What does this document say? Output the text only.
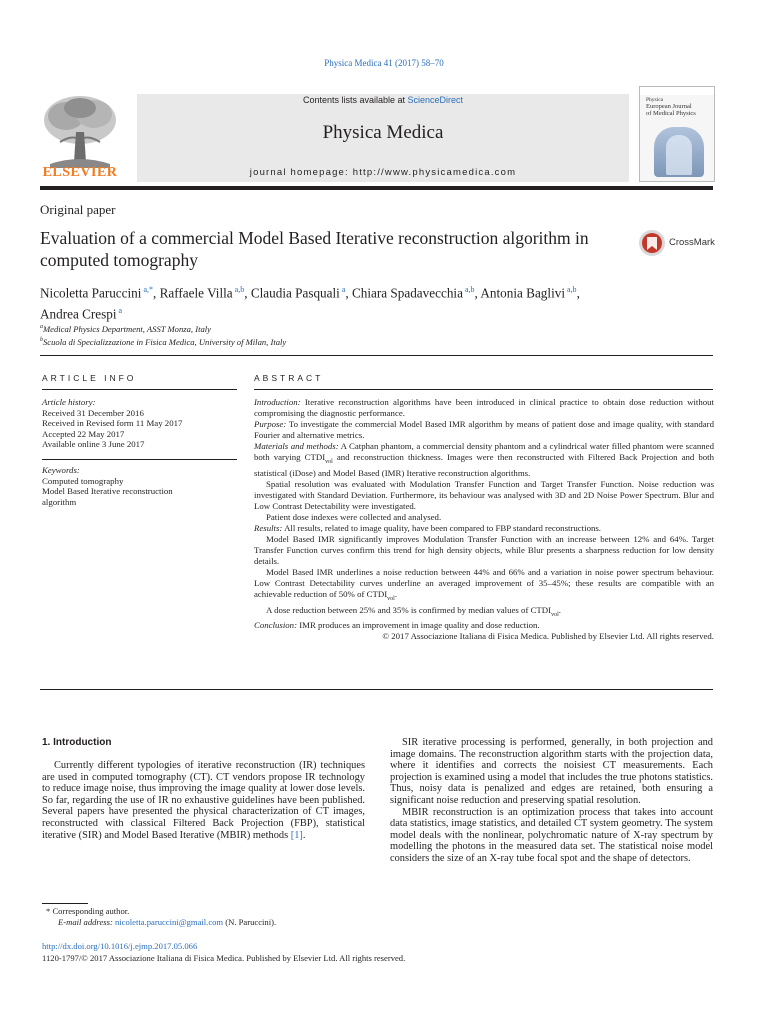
Physica Medica 41 (2017) 58–70
Contents lists available at ScienceDirect
Physica Medica
journal homepage: http://www.physicamedica.com
ELSEVIER
Physica
European Journal
of Medical Physics
Original paper
Evaluation of a commercial Model Based Iterative reconstruction algorithm in computed tomography
CrossMark
Nicoletta Paruccini $^{a,*}$, Raffaele Villa $^{a,b}$, Claudia Pasquali $^a$, Chiara Spadavecchia $^{a,b}$, Antonia Baglivi $^{a,b}$,
Andrea Crespi $^a$
$^a$Medical Physics Department, ASST Monza, Italy
$^b$Scuola di Specializzazione in Fisica Medica, University of Milan, Italy
ARTICLE INFO	ABSTRACT
Article history:
Received 31 December 2016
Received in Revised form 11 May 2017
Accepted 22 May 2017
Available online 3 June 2017
Keywords:
Computed tomography
Model Based Iterative reconstruction algorithm

Introduction: Iterative reconstruction algorithms have been introduced in clinical practice to obtain dose reduction without compromising the diagnostic performance.

Purpose: To investigate the commercial Model Based IMR algorithm by means of patient dose and image quality, with standard Fourier and alternative metrics.

Materials and methods: A Catphan phantom, a commercial density phantom and a cylindrical water filled phantom were scanned both varying $CTDI_{vol}$ and reconstruction thickness. Images were then reconstructed with Filtered Back Projection and both statistical (iDose) and Model Based (IMR) Iterative reconstruction algorithms.

Spatial resolution was evaluated with Modulation Transfer Function and Target Transfer Function. Noise reduction was investigated with Standard Deviation. Furthermore, its behaviour was analysed with 3D and 2D Noise Power Spectrum. Blur and Low Contrast Detectability were investigated.

Patient dose indexes were collected and analysed.

Results: All results, related to image quality, have been compared to FBP standard reconstructions.

Model Based IMR significantly improves Modulation Transfer Function with an increase between 12% and 64%. Target Transfer Function curves confirm this trend for high density objects, while Blur presents a sharpness reduction for low density details.

Model Based IMR underlines a noise reduction between 44% and 66% and a variation in noise power spectrum behaviour. Low Contrast Detectability curves underline an averaged improvement of 35–45%; these results are compatible with an achievable reduction of 50% of $CTDI_{vol}$.

A dose reduction between 25% and 35% is confirmed by median values of $CTDI_{vol}$.

Conclusion: IMR produces an improvement in image quality and dose reduction.

© 2017 Associazione Italiana di Fisica Medica. Published by Elsevier Ltd. All rights reserved.

1. Introduction

Currently different typologies of iterative reconstruction (IR) techniques are used in computed tomography (CT). CT vendors propose IR technology to reduce image noise, thus improving the image quality at lower dose levels. So far, regarding the use of IR no exhaustive guidelines have been published. Several papers have presented the physical characterization of CT images, reconstructed with classical Filtered Back Projection (FBP), statistical iterative (SIR) and Model Based Iterative (MBIR) methods [1].

SIR iterative processing is performed, generally, in both projection and image domains. The reconstruction algorithm starts with the projection data, where it identifies and corrects the noisiest CT measurements. Each projection is examined using a model that includes the true photons statistics. Thus, noisy data is penalized and edges are retained, both ensuring a significant noise reduction and preserving spatial resolution.

MBIR reconstruction is an optimization process that takes into account data statistics, image statistics, and detailed CT system geometry. The system model deals with the nonlinear, polychromatic nature of X-ray spectrum by modelling the photons in the measured data set. The statistical noise model considers the size of an X-ray tube focal spot and the shape of detectors.

* Corresponding author.
E-mail address: nicoletta.paruccini@gmail.com (N. Paruccini).
http://dx.doi.org/10.1016/j.ejmp.2017.05.066
1120-1797/© 2017 Associazione Italiana di Fisica Medica. Published by Elsevier Ltd. All rights reserved.
